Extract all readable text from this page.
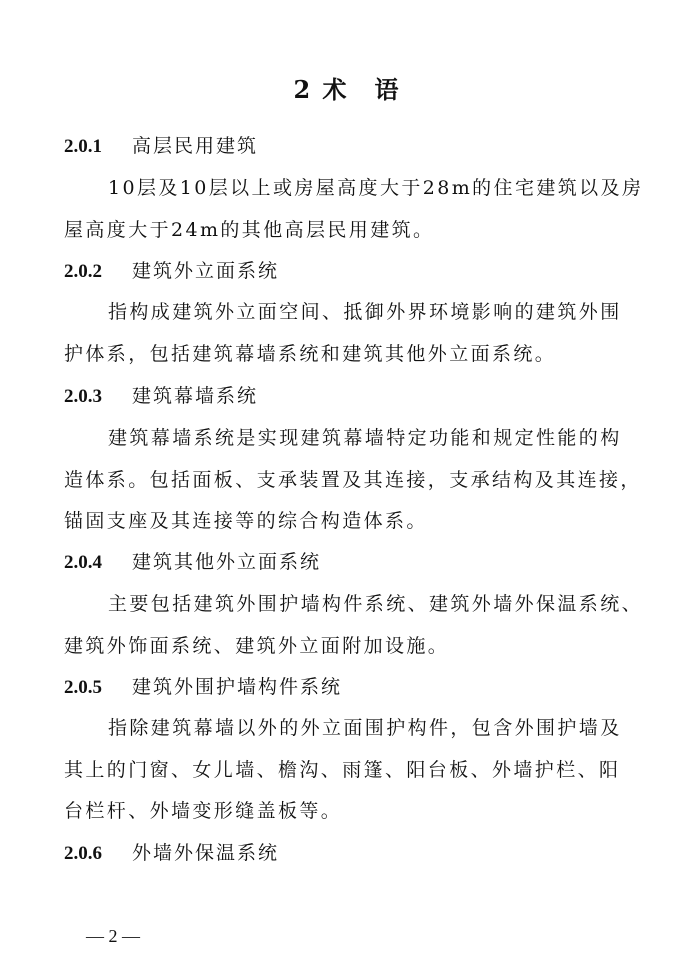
2 术　语
2.0.1 高层民用建筑
10层及10层以上或房屋高度大于28m的住宅建筑以及房
屋高度大于24m的其他高层民用建筑。
2.0.2 建筑外立面系统
指构成建筑外立面空间、抵御外界环境影响的建筑外围
护体系，包括建筑幕墙系统和建筑其他外立面系统。
2.0.3 建筑幕墙系统
建筑幕墙系统是实现建筑幕墙特定功能和规定性能的构
造体系。包括面板、支承装置及其连接，支承结构及其连接，
锚固支座及其连接等的综合构造体系。
2.0.4 建筑其他外立面系统
主要包括建筑外围护墙构件系统、建筑外墙外保温系统、
建筑外饰面系统、建筑外立面附加设施。
2.0.5 建筑外围护墙构件系统
指除建筑幕墙以外的外立面围护构件，包含外围护墙及
其上的门窗、女儿墙、檐沟、雨篷、阳台板、外墙护栏、阳
台栏杆、外墙变形缝盖板等。
2.0.6 外墙外保温系统
— 2 —
